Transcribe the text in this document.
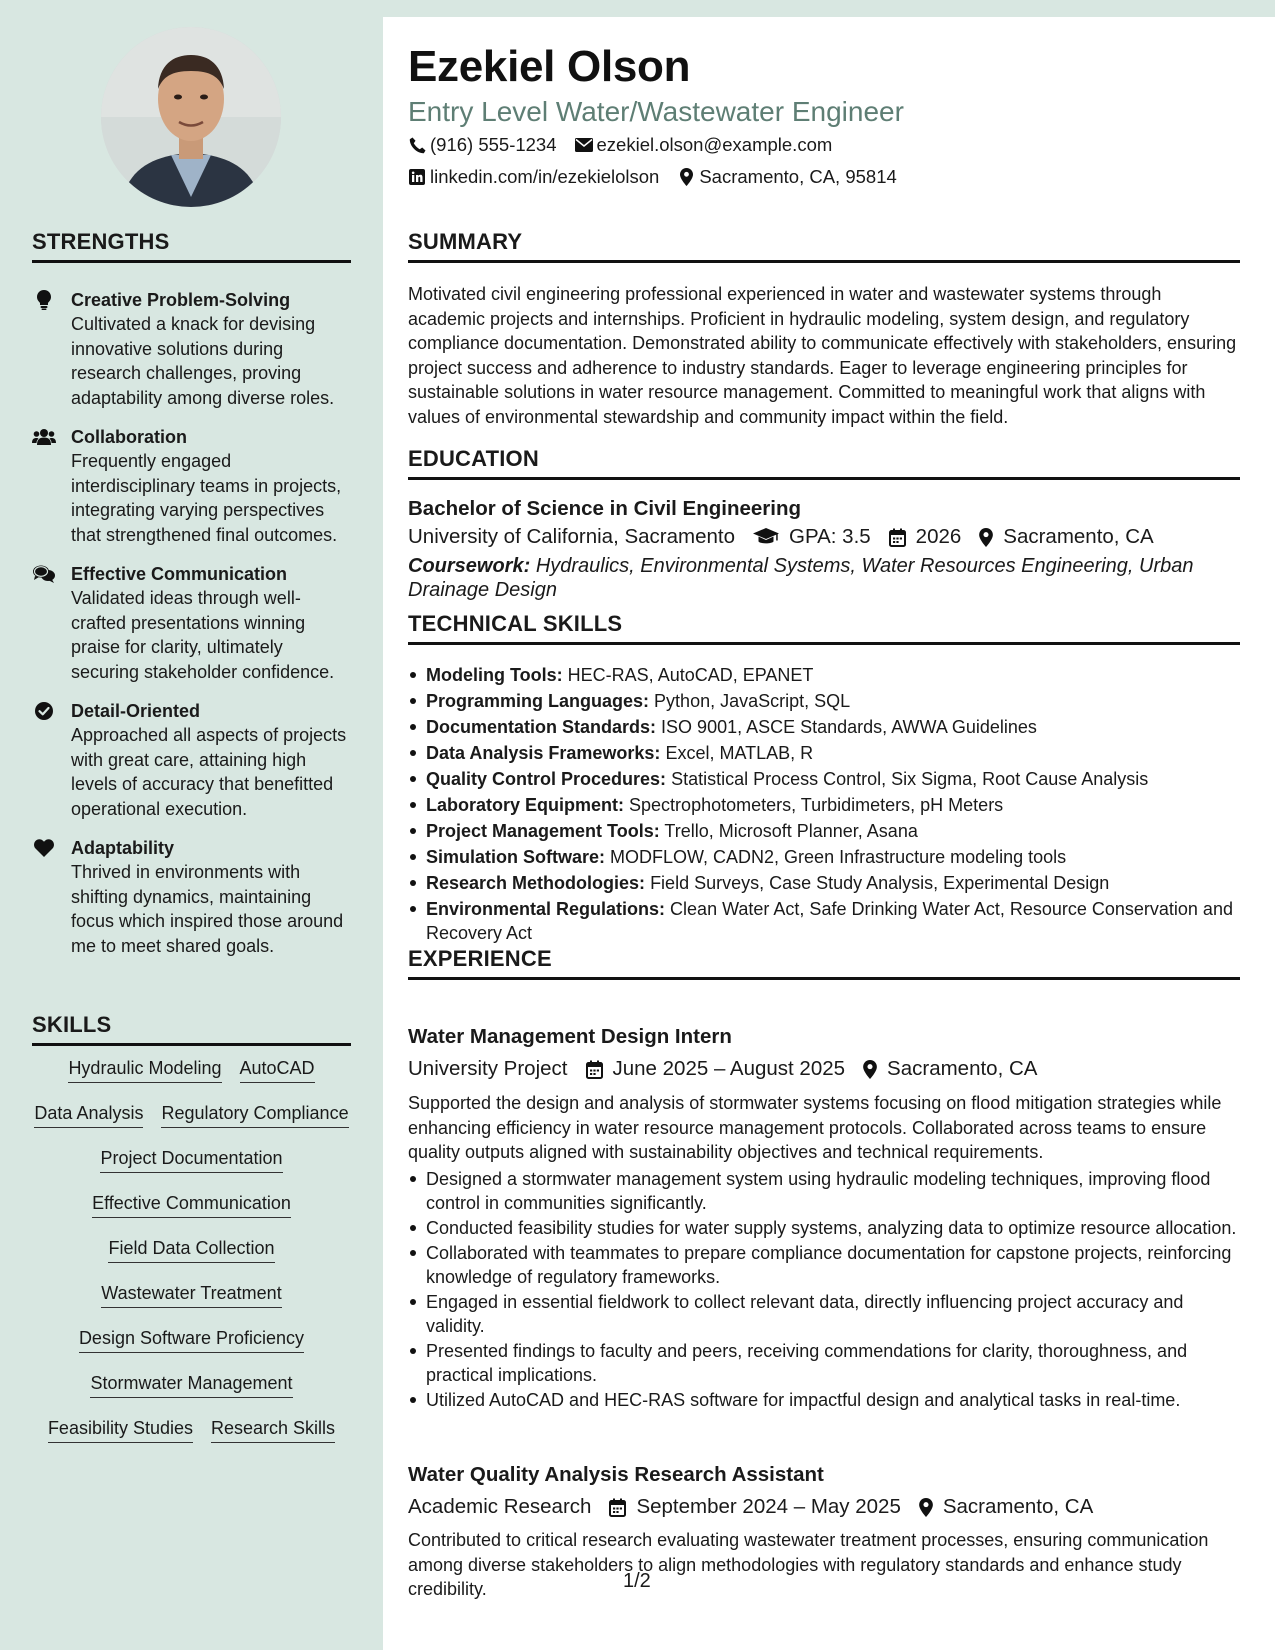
STRENGTHS
Creative Problem-Solving
Cultivated a knack for devising innovative solutions during research challenges, proving adaptability among diverse roles.
Collaboration
Frequently engaged interdisciplinary teams in projects, integrating varying perspectives that strengthened final outcomes.
Effective Communication
Validated ideas through well-crafted presentations winning praise for clarity, ultimately securing stakeholder confidence.
Detail-Oriented
Approached all aspects of projects with great care, attaining high levels of accuracy that benefitted operational execution.
Adaptability
Thrived in environments with shifting dynamics, maintaining focus which inspired those around me to meet shared goals.
SKILLS
Hydraulic Modeling AutoCAD
Data Analysis Regulatory Compliance
Project Documentation
Effective Communication
Field Data Collection
Wastewater Treatment
Design Software Proficiency
Stormwater Management
Feasibility Studies Research Skills
Ezekiel Olson
Entry Level Water/Wastewater Engineer
(916) 555-1234 ezekiel.olson@example.com
linkedin.com/in/ezekielolson Sacramento, CA, 95814
SUMMARY
Motivated civil engineering professional experienced in water and wastewater systems through academic projects and internships. Proficient in hydraulic modeling, system design, and regulatory compliance documentation. Demonstrated ability to communicate effectively with stakeholders, ensuring project success and adherence to industry standards. Eager to leverage engineering principles for sustainable solutions in water resource management. Committed to meaningful work that aligns with values of environmental stewardship and community impact within the field.
EDUCATION
Bachelor of Science in Civil Engineering
University of California, Sacramento	GPA: 3.5 2026 Sacramento, CA
Coursework: Hydraulics, Environmental Systems, Water Resources Engineering, Urban Drainage Design
TECHNICAL SKILLS
Modeling Tools: HEC-RAS, AutoCAD, EPANET
Programming Languages: Python, JavaScript, SQL
Documentation Standards: ISO 9001, ASCE Standards, AWWA Guidelines
Data Analysis Frameworks: Excel, MATLAB, R
Quality Control Procedures: Statistical Process Control, Six Sigma, Root Cause Analysis
Laboratory Equipment: Spectrophotometers, Turbidimeters, pH Meters
Project Management Tools: Trello, Microsoft Planner, Asana
Simulation Software: MODFLOW, CADN2, Green Infrastructure modeling tools
Research Methodologies: Field Surveys, Case Study Analysis, Experimental Design
Environmental Regulations: Clean Water Act, Safe Drinking Water Act, Resource Conservation and Recovery Act
EXPERIENCE
Water Management Design Intern
University Project June 2025 – August 2025 Sacramento, CA
Supported the design and analysis of stormwater systems focusing on flood mitigation strategies while enhancing efficiency in water resource management protocols. Collaborated across teams to ensure quality outputs aligned with sustainability objectives and technical requirements.
Designed a stormwater management system using hydraulic modeling techniques, improving flood control in communities significantly.
Conducted feasibility studies for water supply systems, analyzing data to optimize resource allocation.
Collaborated with teammates to prepare compliance documentation for capstone projects, reinforcing knowledge of regulatory frameworks.
Engaged in essential fieldwork to collect relevant data, directly influencing project accuracy and validity.
Presented findings to faculty and peers, receiving commendations for clarity, thoroughness, and practical implications.
Utilized AutoCAD and HEC-RAS software for impactful design and analytical tasks in real-time.
Water Quality Analysis Research Assistant
Academic Research September 2024 – May 2025 Sacramento, CA
Contributed to critical research evaluating wastewater treatment processes, ensuring communication among diverse stakeholders to align methodologies with regulatory standards and enhance study credibility.	1/2
